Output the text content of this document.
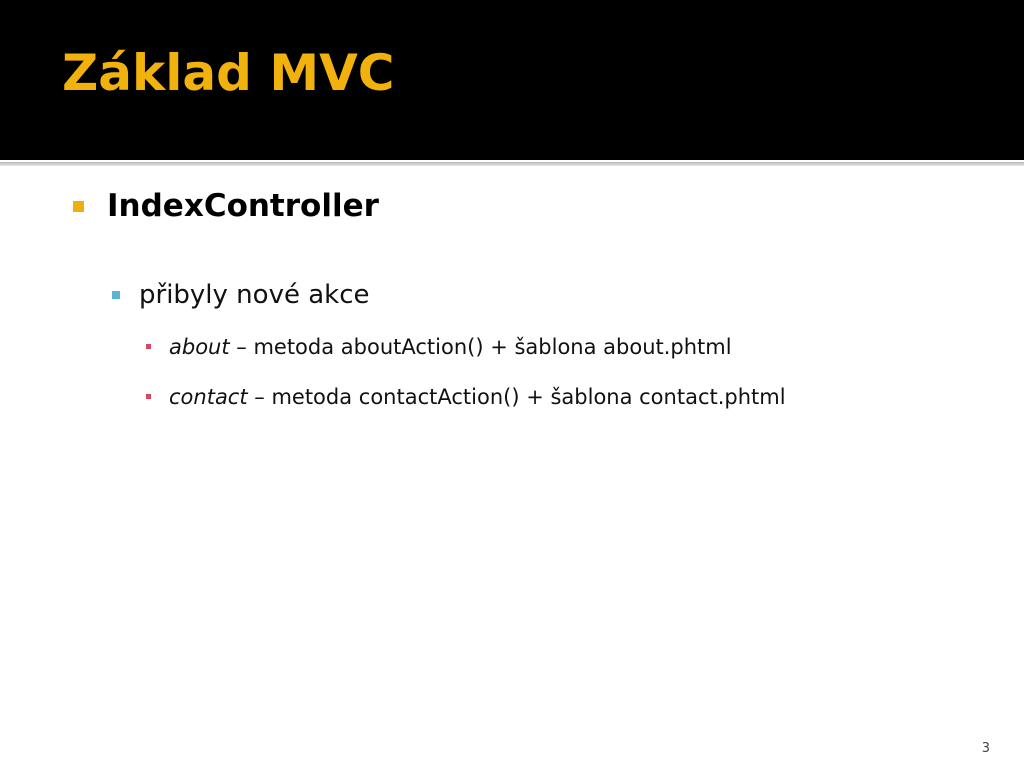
Základ MVC
IndexController
přibyly nové akce
about – metoda aboutAction() + šablona about.phtml
contact – metoda contactAction() + šablona contact.phtml
3
